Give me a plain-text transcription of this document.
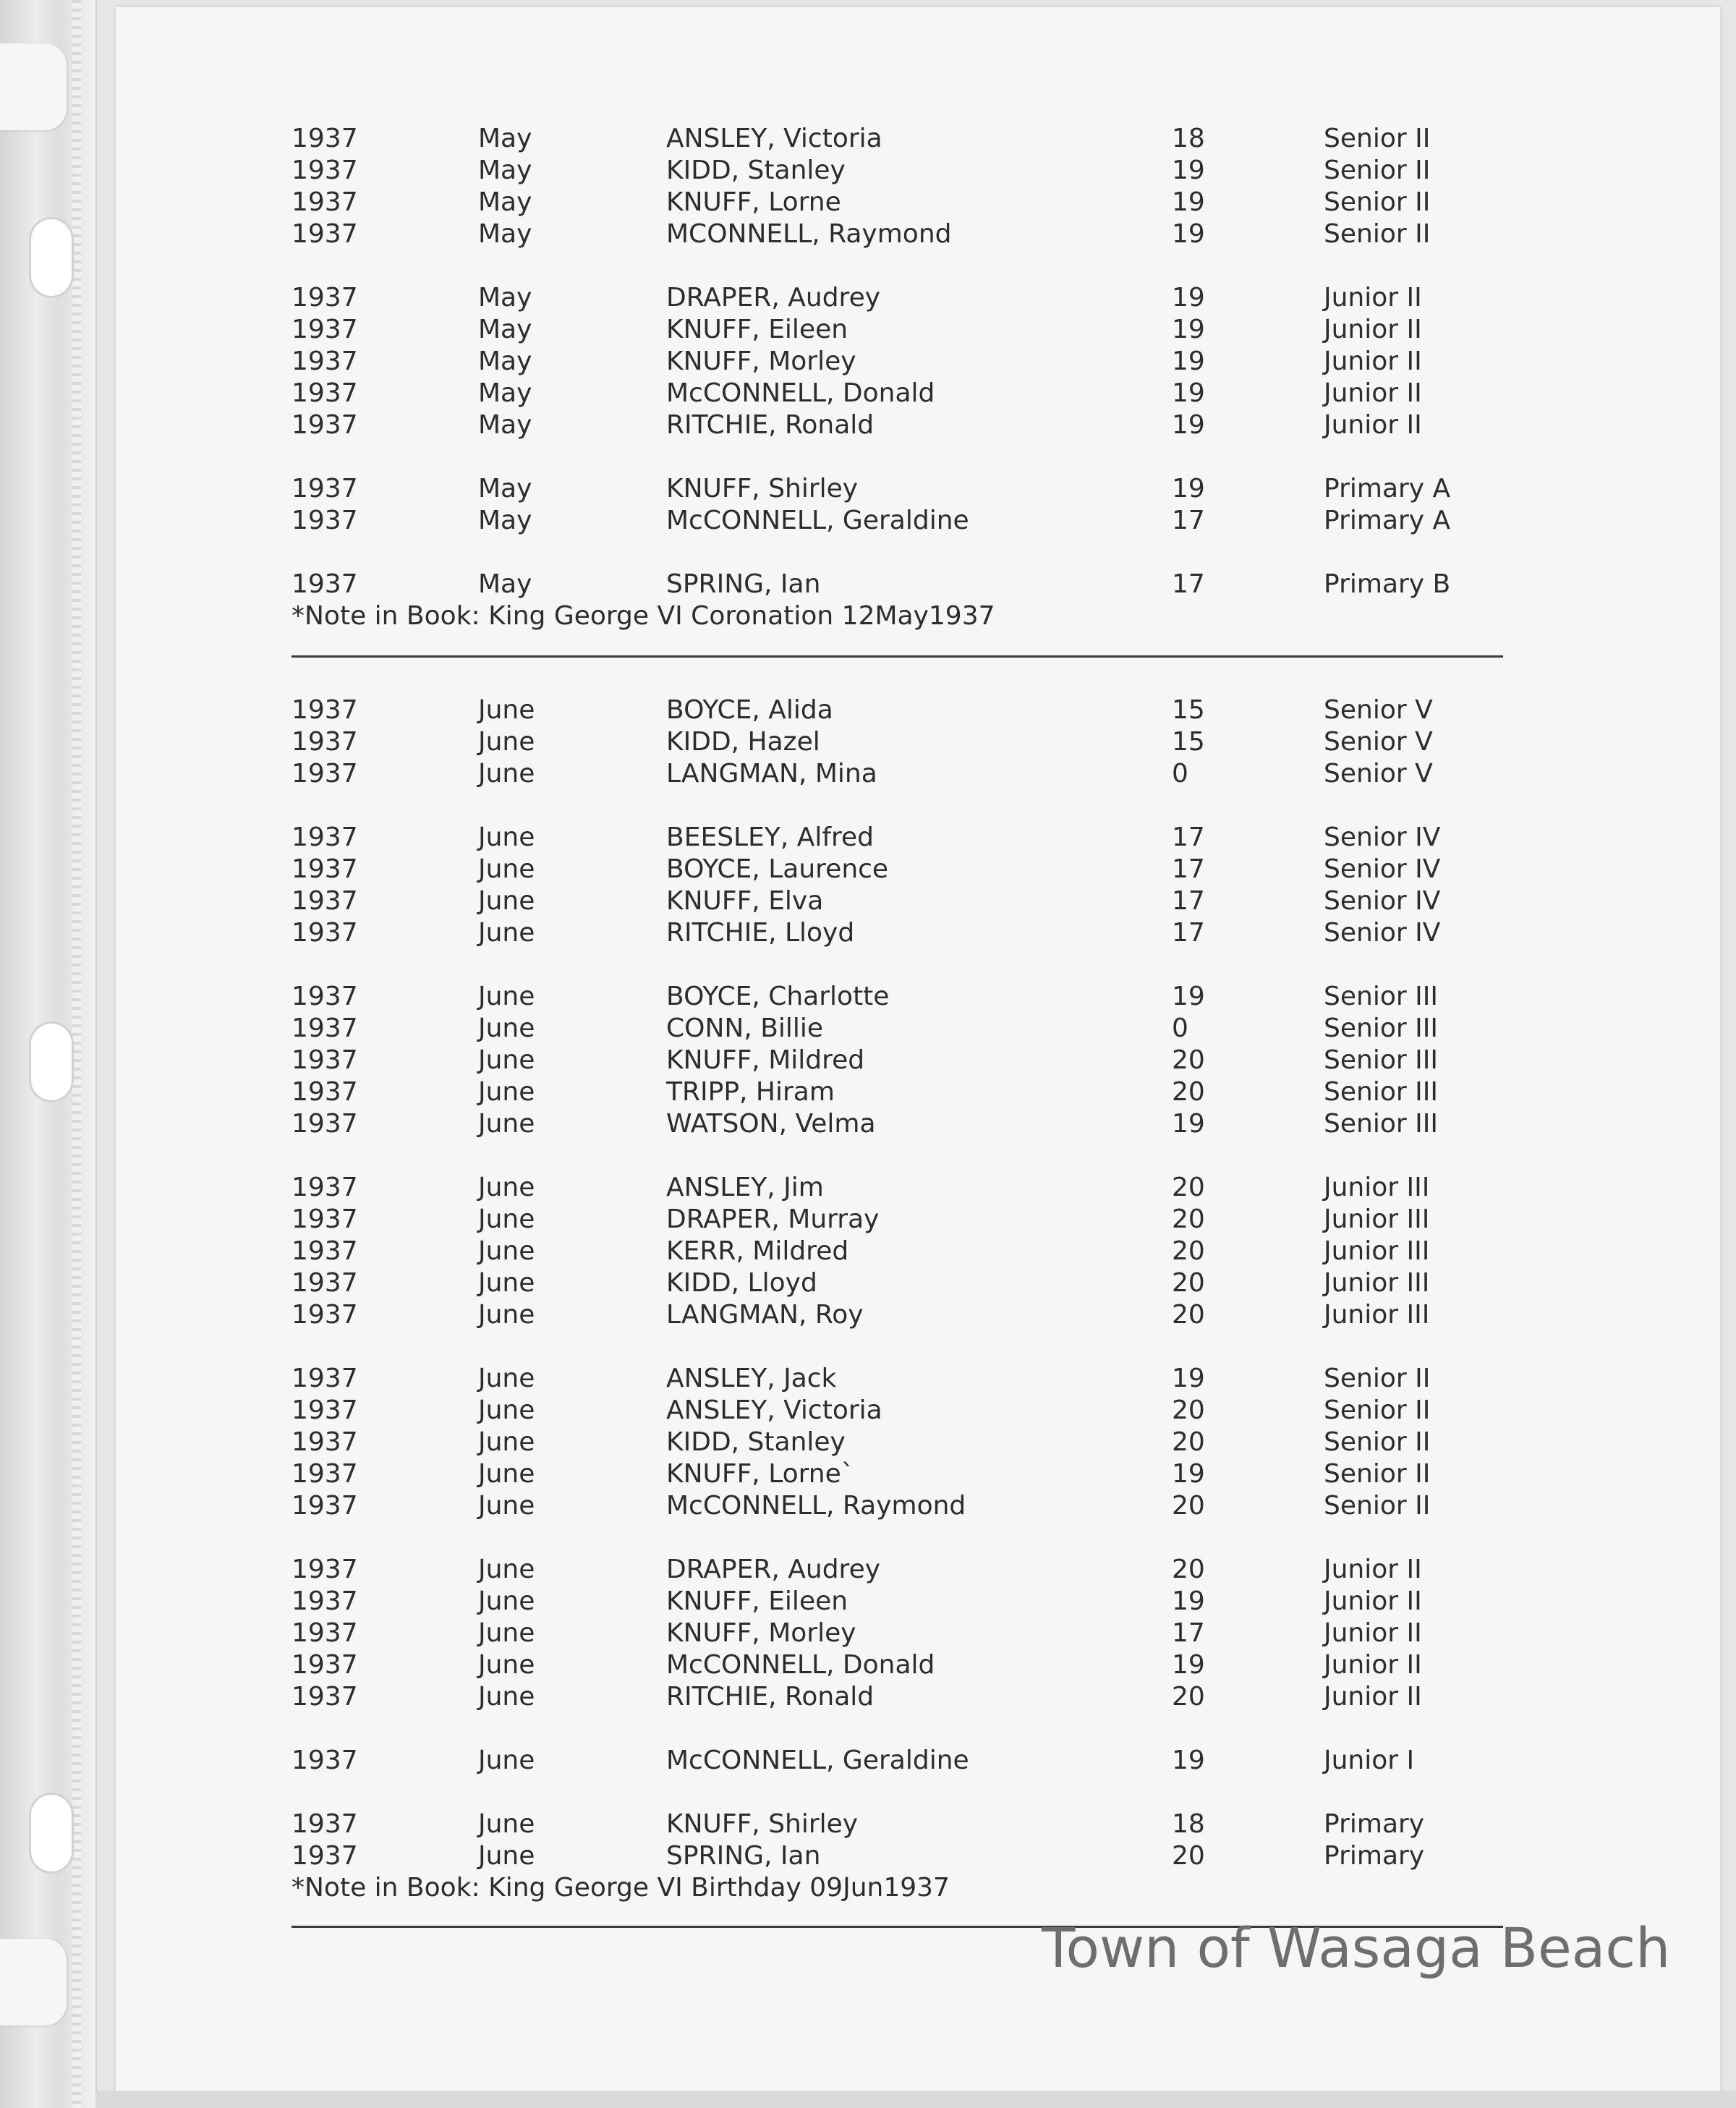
1937	May	ANSLEY, Victoria	18	Senior II
1937	May	KIDD, Stanley	19	Senior II
1937	May	KNUFF, Lorne	19	Senior II
1937	May	MCONNELL, Raymond	19	Senior II
1937	May	DRAPER, Audrey	19	Junior II
1937	May	KNUFF, Eileen	19	Junior II
1937	May	KNUFF, Morley	19	Junior II
1937	May	McCONNELL, Donald	19	Junior II
1937	May	RITCHIE, Ronald	19	Junior II
1937	May	KNUFF, Shirley	19	Primary A
1937	May	McCONNELL, Geraldine	17	Primary A
1937	May	SPRING, Ian	17	Primary B
*Note in Book: King George VI Coronation 12May1937
1937	June	BOYCE, Alida	15	Senior V
1937	June	KIDD, Hazel	15	Senior V
1937	June	LANGMAN, Mina	0	Senior V
1937	June	BEESLEY, Alfred	17	Senior IV
1937	June	BOYCE, Laurence	17	Senior IV
1937	June	KNUFF, Elva	17	Senior IV
1937	June	RITCHIE, Lloyd	17	Senior IV
1937	June	BOYCE, Charlotte	19	Senior III
1937	June	CONN, Billie	0	Senior III
1937	June	KNUFF, Mildred	20	Senior III
1937	June	TRIPP, Hiram	20	Senior III
1937	June	WATSON, Velma	19	Senior III
1937	June	ANSLEY, Jim	20	Junior III
1937	June	DRAPER, Murray	20	Junior III
1937	June	KERR, Mildred	20	Junior III
1937	June	KIDD, Lloyd	20	Junior III
1937	June	LANGMAN, Roy	20	Junior III
1937	June	ANSLEY, Jack	19	Senior II
1937	June	ANSLEY, Victoria	20	Senior II
1937	June	KIDD, Stanley	20	Senior II
1937	June	KNUFF, Lorne`	19	Senior II
1937	June	McCONNELL, Raymond	20	Senior II
1937	June	DRAPER, Audrey	20	Junior II
1937	June	KNUFF, Eileen	19	Junior II
1937	June	KNUFF, Morley	17	Junior II
1937	June	McCONNELL, Donald	19	Junior II
1937	June	RITCHIE, Ronald	20	Junior II
1937	June	McCONNELL, Geraldine	19	Junior I
1937	June	KNUFF, Shirley	18	Primary
1937	June	SPRING, Ian	20	Primary
*Note in Book: King George VI Birthday 09Jun1937
Town of Wasaga Beach
